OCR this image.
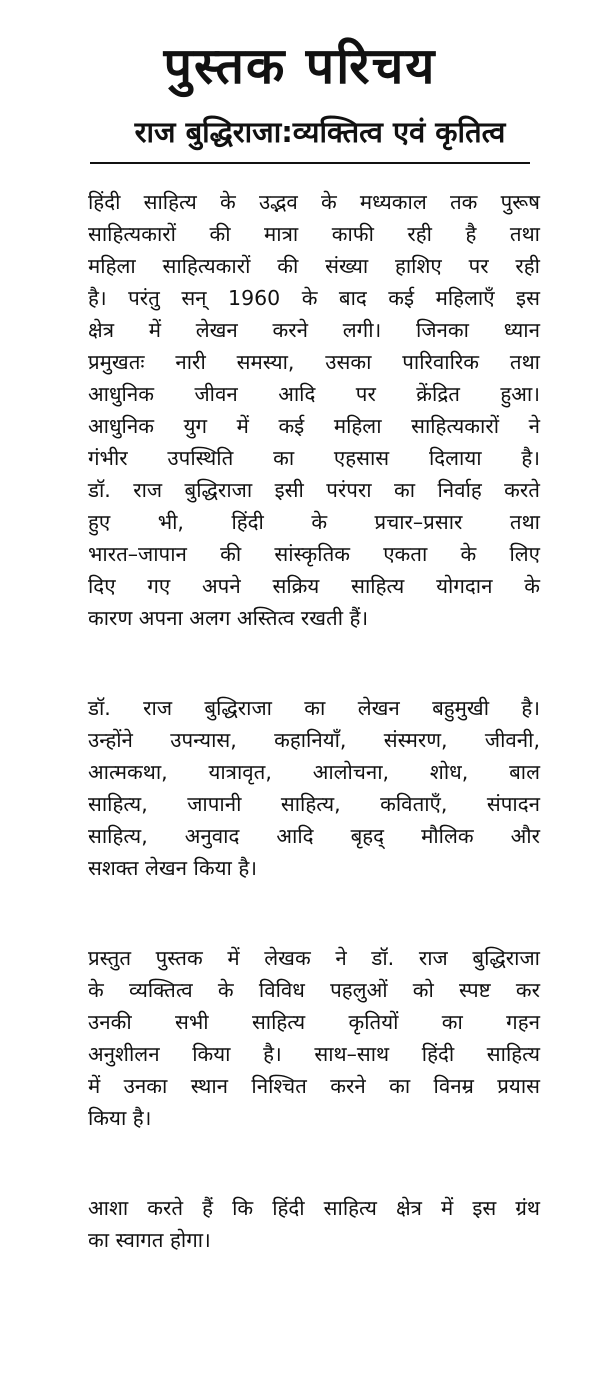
पुस्तक परिचय
राज बुद्धिराजा:व्यक्तित्व एवं कृतित्व
हिंदी साहित्य के उद्भव के मध्यकाल तक पुरूष
साहित्यकारों की मात्रा काफी रही है तथा
महिला साहित्यकारों की संख्या हाशिए पर रही
है। परंतु सन् 1960 के बाद कई महिलाएँ इस
क्षेत्र में लेखन करने लगी। जिनका ध्यान
प्रमुखतः नारी समस्या, उसका पारिवारिक तथा
आधुनिक जीवन आदि पर क्रेंद्रित हुआ।
आधुनिक युग में कई महिला साहित्यकारों ने
गंभीर उपस्थिति का एहसास दिलाया है।
डॉ. राज बुद्धिराजा इसी परंपरा का निर्वाह करते
हुए भी, हिंदी के प्रचार–प्रसार तथा
भारत–जापान की सांस्कृतिक एकता के लिए
दिए गए अपने सक्रिय साहित्य योगदान के
कारण अपना अलग अस्तित्व रखती हैं।
डॉ. राज बुद्धिराजा का लेखन बहुमुखी है।
उन्होंने उपन्यास, कहानियाँ, संस्मरण, जीवनी,
आत्मकथा, यात्रावृत, आलोचना, शोध, बाल
साहित्य, जापानी साहित्य, कविताएँ, संपादन
साहित्य, अनुवाद आदि बृहद् मौलिक और
सशक्त लेखन किया है।
प्रस्तुत पुस्तक में लेखक ने डॉ. राज बुद्धिराजा
के व्यक्तित्व के विविध पहलुओं को स्पष्ट कर
उनकी सभी साहित्य कृतियों का गहन
अनुशीलन किया है। साथ–साथ हिंदी साहित्य
में उनका स्थान निश्चित करने का विनम्र प्रयास
किया है।
आशा करते हैं कि हिंदी साहित्य क्षेत्र में इस ग्रंथ
का स्वागत होगा।
